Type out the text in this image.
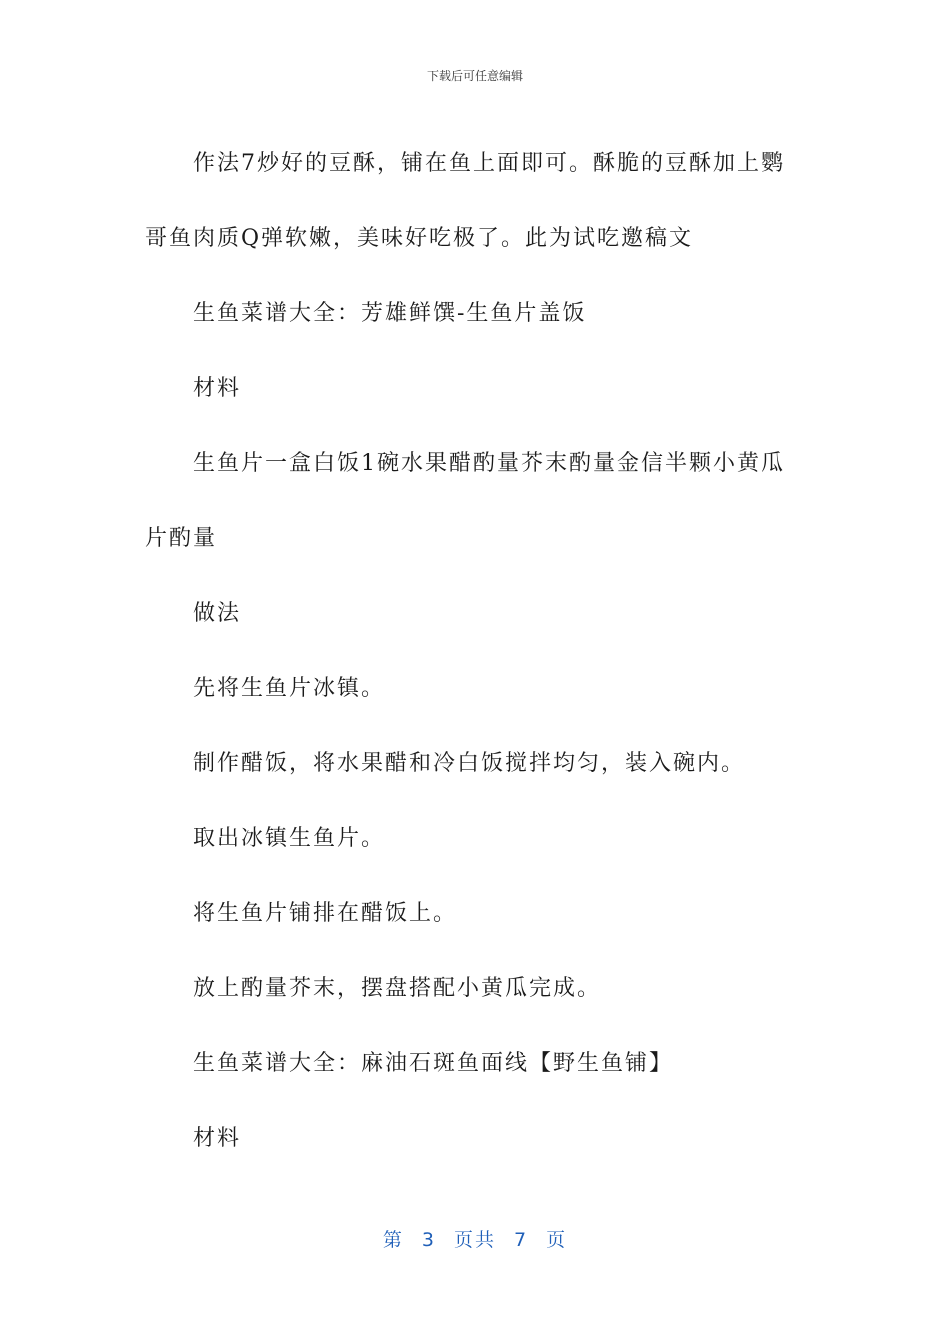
下载后可任意编辑

作法7炒好的豆酥，铺在鱼上面即可。酥脆的豆酥加上鹦哥鱼肉质Q弹软嫩，美味好吃极了。此为试吃邀稿文

生鱼菜谱大全：芳雄鲜馔-生鱼片盖饭

材料

生鱼片一盒白饭1碗水果醋酌量芥末酌量金信半颗小黄瓜片酌量

做法

先将生鱼片冰镇。

制作醋饭，将水果醋和冷白饭搅拌均匀，装入碗内。

取出冰镇生鱼片。

将生鱼片铺排在醋饭上。

放上酌量芥末，摆盘搭配小黄瓜完成。

生鱼菜谱大全：麻油石斑鱼面线【野生鱼铺】

材料

第 3 页共 7 页
